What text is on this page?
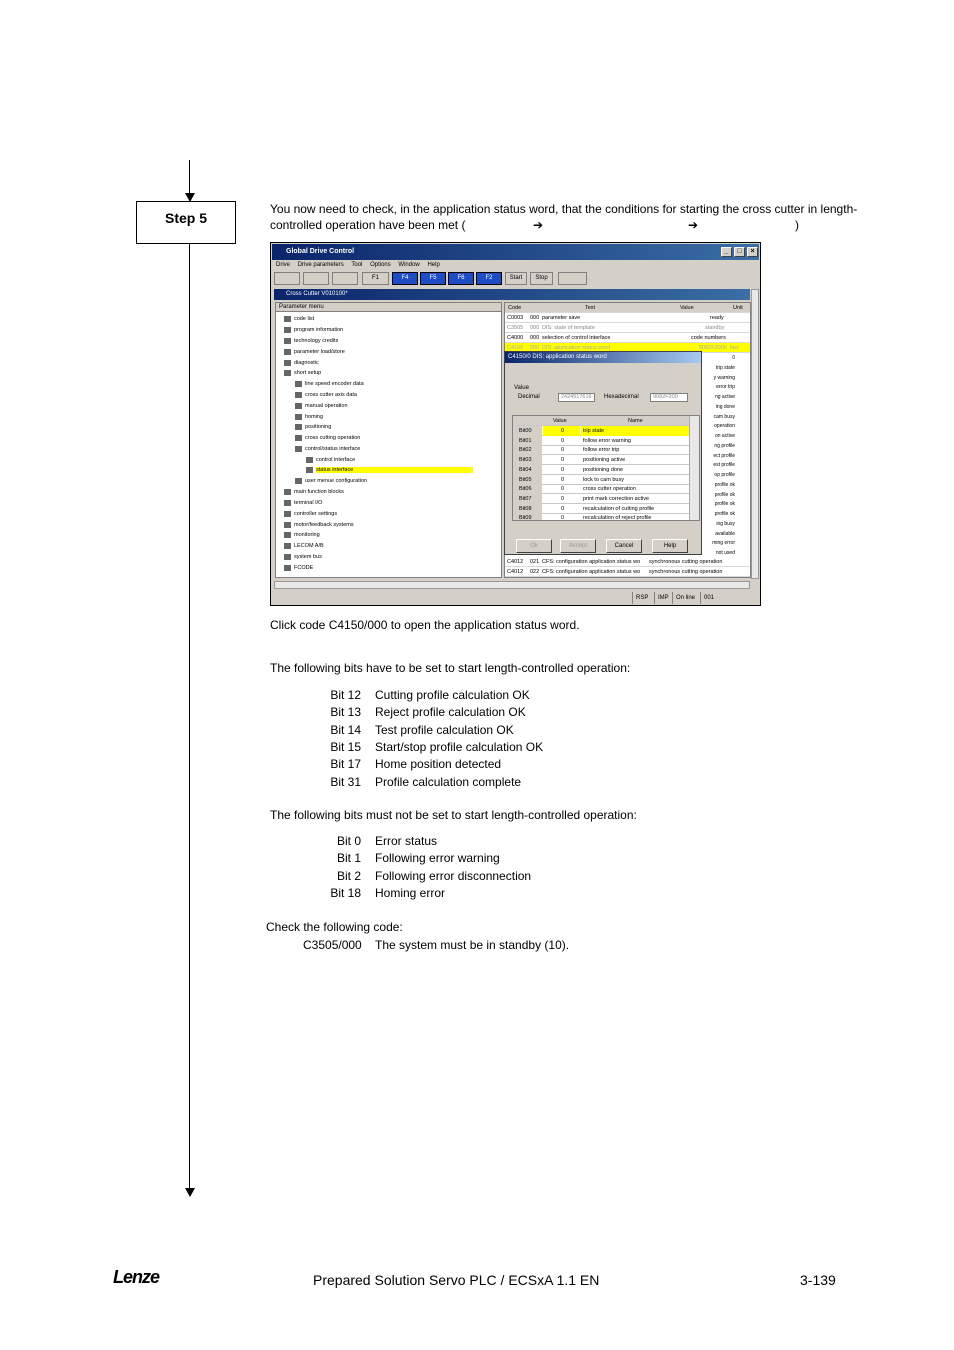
Step 5
You now need to check, in the application status word, that the conditions for starting the cross cutter in length-
controlled operation have been met (	➔	➔	)
Global Drive Control	_	□	×
Drive Drive parameters Tool Options Window Help
F1	F4	F5	F6	F2	Start	Stop
Cross Cutter V010100*
Parameter menu
code list
program information
technology credits
parameter load/store
diagnostic
short setup
line speed encoder data
cross cutter axis data
manual operation
homing
positioning
cross cutting operation
control/status interface
control interface
status interface
user menue configuration
main function blocks
terminal I/O
controller settings
motor/feedback systems
monitoring
LECOM A/B
system bus
FCODE
Code	Text	Value	Unit
C0003 000 parameter save	ready
C3505 000 DIS: state of template	standby
C4000 000 selection of control interface	code numbers
C4150 000 DIS: application status word	9082F200h hex
0
trip state
y warning
error trip
ng active
ing done
cam busy
operation
on active
ng profile
ect profile
est profile
op profile
profile ok
profile ok
profile ok
profile ok
ing busy
available
ming error
not used
C4012 021 CFS: configuration application status wo synchronous cutting operation
C4012 022 CFS: configuration application status wo synchronous cutting operation
C4150/0 DIS: application status word
Value
Decimal	2424517616	Hexadecimal	9082F200
Value	Name
Bit00	0	trip state
Bit01	0	follow error warning
Bit02	0	follow error trip
Bit03	0	positioning active
Bit04	0	positioning done
Bit05	0	lock to cam busy
Bit06	0	cross cutter operation
Bit07	0	print mark correction active
Bit08	0	recalculation of cutting profile
Bit09	0	recalculation of reject profile
Ok	Accept	Cancel	Help
RSP	IMP	On line	001
Click code C4150/000 to open the application status word.
The following bits have to be set to start length-controlled operation:
The following bits must not be set to start length-controlled operation:
Check the following code:
C3505/000 The system must be in standby (10).
Lenze	Prepared Solution Servo PLC / ECSxA 1.1 EN	3-139
Bit 12 Cutting profile calculation OK
Bit 13 Reject profile calculation OK
Bit 14 Test profile calculation OK
Bit 15 Start/stop profile calculation OK
Bit 17 Home position detected
Bit 31 Profile calculation complete
Bit 0 Error status
Bit 1 Following error warning
Bit 2 Following error disconnection
Bit 18 Homing error
